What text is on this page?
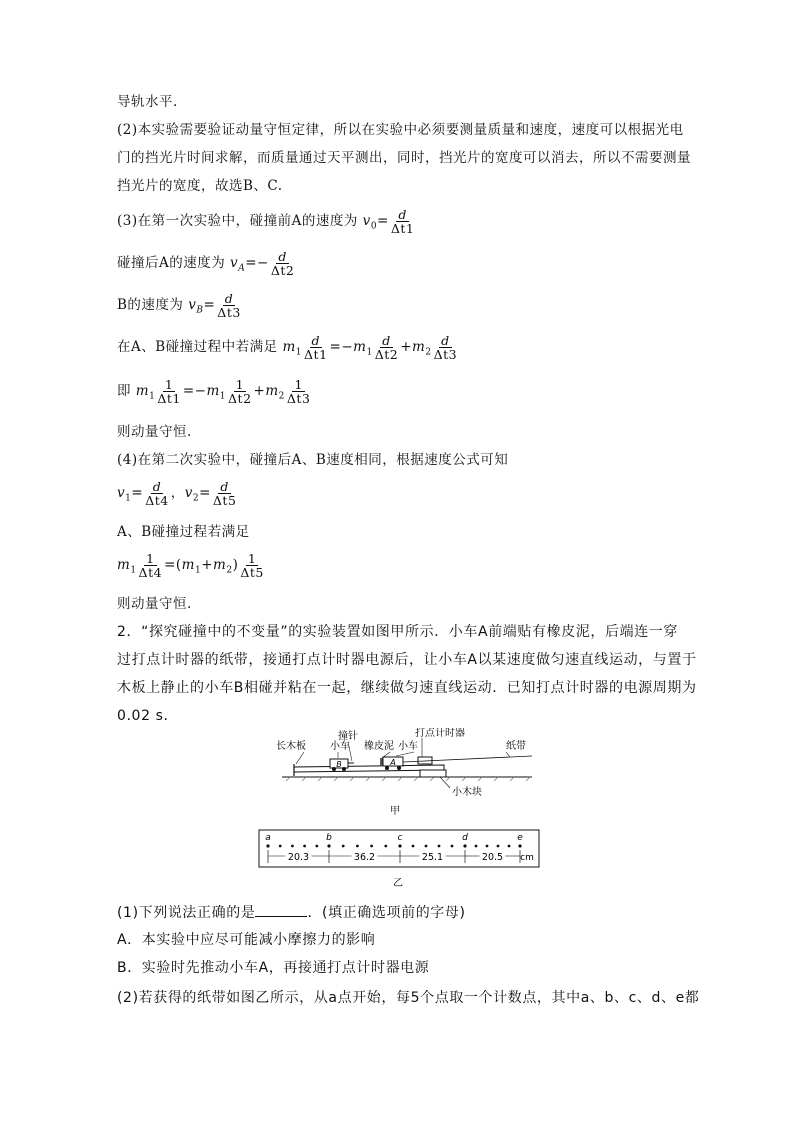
导轨水平.
(2)本实验需要验证动量守恒定律，所以在实验中必须要测量质量和速度，速度可以根据光电
门的挡光片时间求解，而质量通过天平测出，同时，挡光片的宽度可以消去，所以不需要测量
挡光片的宽度，故选B、C.
(3)在第一次实验中，碰撞前A的速度为 $v_0= \frac{d}{\Delta t1}$
碰撞后A的速度为 $v_A=- \frac{d}{\Delta t2}$
B的速度为 $v_B= \frac{d}{\Delta t3}$
在A、B碰撞过程中若满足 $m_1 \frac{d}{\Delta t1} =-m_1 \frac{d}{\Delta t2} +m_2 \frac{d}{\Delta t3}$
即 $m_1 \frac{1}{\Delta t1} =-m_1 \frac{1}{\Delta t2} +m_2 \frac{1}{\Delta t3}$
则动量守恒.
(4)在第二次实验中，碰撞后A、B速度相同，根据速度公式可知
$v_1= \frac{d}{\Delta t4}$ ，$v_2= \frac{d}{\Delta t5}$
A、B碰撞过程若满足
$m_1 \frac{1}{\Delta t4} =(m_1+m_2) \frac{1}{\Delta t5}$
则动量守恒.
2．“探究碰撞中的不变量”的实验装置如图甲所示．小车A前端贴有橡皮泥，后端连一穿
过打点计时器的纸带，接通打点计时器电源后，让小车A以某速度做匀速直线运动，与置于
木板上静止的小车B相碰并粘在一起，继续做匀速直线运动．已知打点计时器的电源周期为
0.02 s.
B	A
长木板
撞针
小车 橡皮泥 小车
打点计时器
纸带
小木块
甲
a	b	c	d	e
20.3	36.2	25.1	20.5 cm
乙
(1)下列说法正确的是	．(填正确选项前的字母)
A．本实验中应尽可能减小摩擦力的影响
B．实验时先推动小车A，再接通打点计时器电源
(2)若获得的纸带如图乙所示，从a点开始，每5个点取一个计数点，其中a、b、c、d、e都
